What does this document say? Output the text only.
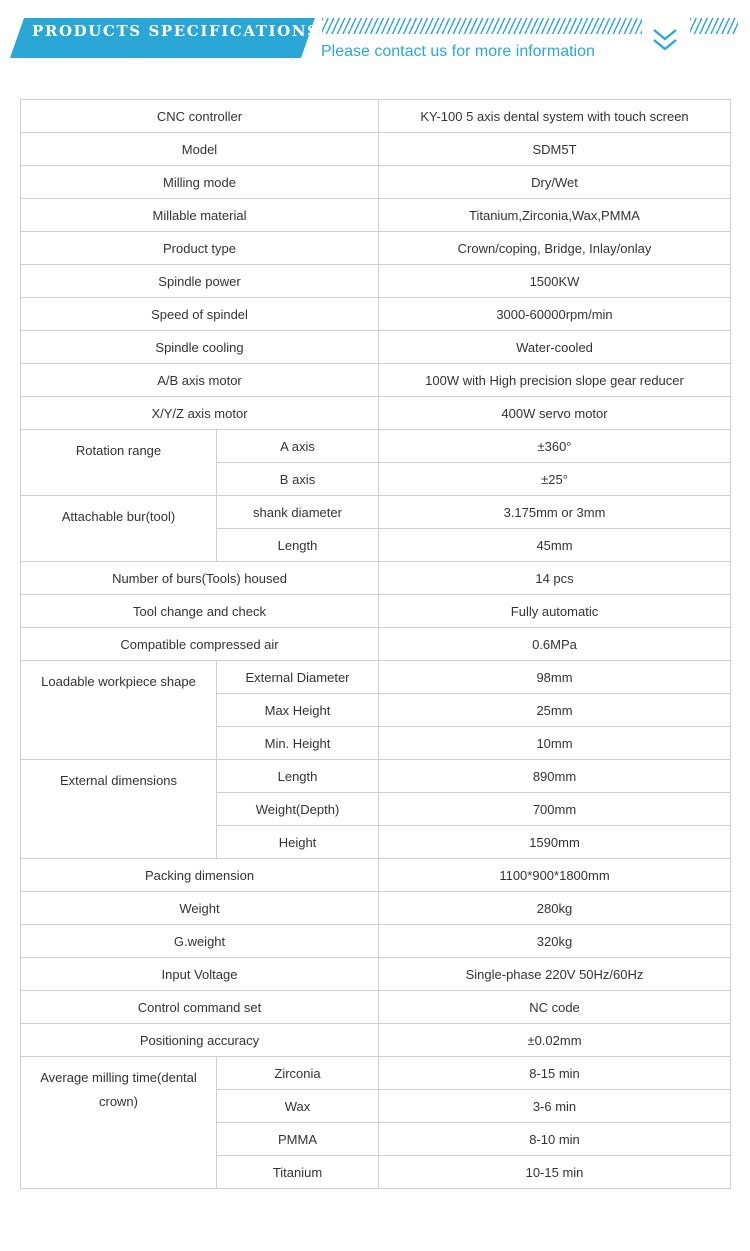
PRODUCTS SPECIFICATIONS
Please contact us for more information
CNC controller		KY-100 5 axis dental system with touch screen
Model		SDM5T
Milling mode		Dry/Wet
Millable material		Titanium,Zirconia,Wax,PMMA
Product type		Crown/coping, Bridge, Inlay/onlay
Spindle power		1500KW
Speed of spindel		3000-60000rpm/min
Spindle cooling		Water-cooled
A/B axis motor		100W with High precision slope gear reducer
X/Y/Z axis motor		400W servo motor
Rotation range	A axis	±360°
	B axis	±25°
Attachable bur(tool)	shank diameter	3.175mm or 3mm
	Length	45mm
Number of burs(Tools) housed		14 pcs
Tool change and check		Fully automatic
Compatible compressed air		0.6MPa
Loadable workpiece shape	External Diameter	98mm
	Max Height	25mm
	Min. Height	10mm
External dimensions	Length	890mm
	Weight(Depth)	700mm
	Height	1590mm
Packing dimension		1100*900*1800mm
Weight		280kg
G.weight		320kg
Input Voltage		Single-phase 220V 50Hz/60Hz
Control command set		NC code
Positioning accuracy		±0.02mm
Average milling time(dental crown)	Zirconia	8-15 min
	Wax	3-6 min
	PMMA	8-10 min
	Titanium	10-15 min
